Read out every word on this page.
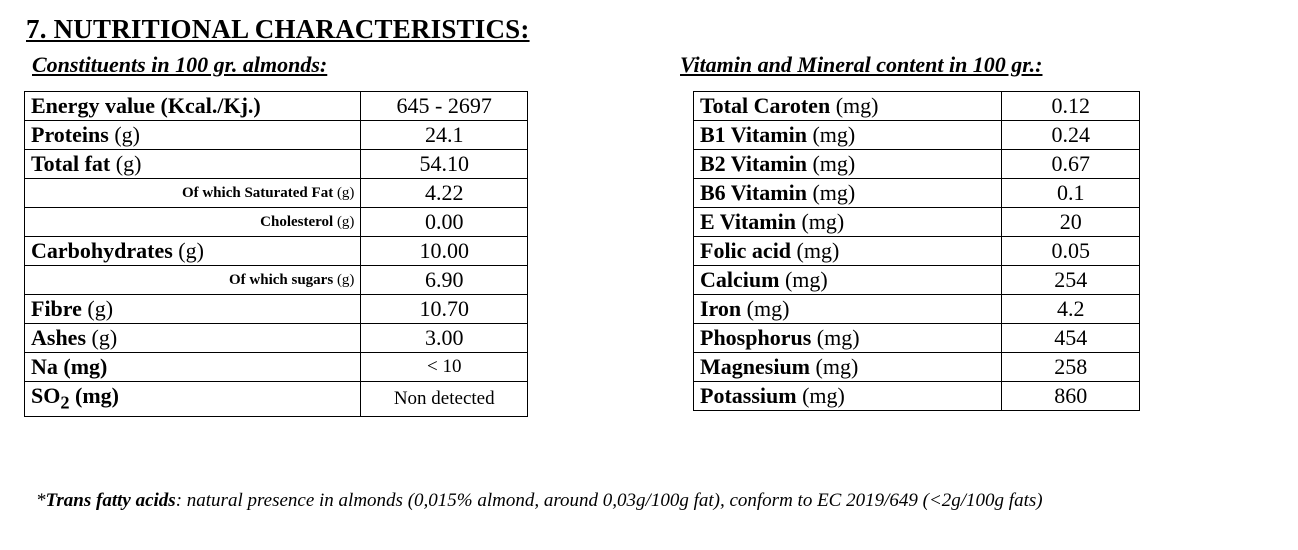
7. NUTRITIONAL CHARACTERISTICS:
Constituents in 100 gr. almonds:	Vitamin and Mineral content in 100 gr.:
Energy value (Kcal./Kj.)	645 - 2697
Proteins (g)	24.1
Total fat (g)	54.10
Of which Saturated Fat (g)	4.22
Cholesterol (g)	0.00
Carbohydrates (g)	10.00
Of which sugars (g)	6.90
Fibre (g)	10.70
Ashes (g)	3.00
Na (mg)	< 10
$SO_2$ (mg)	Non detected
Total Caroten (mg)	0.12
B1 Vitamin (mg)	0.24
B2 Vitamin (mg)	0.67
B6 Vitamin (mg)	0.1
E Vitamin (mg)	20
Folic acid (mg)	0.05
Calcium (mg)	254
Iron (mg)	4.2
Phosphorus (mg)	454
Magnesium (mg)	258
Potassium (mg)	860

*Trans fatty acids: natural presence in almonds (0,015% almond, around 0,03g/100g fat), conform to EC 2019/649 (<2g/100g fats)
